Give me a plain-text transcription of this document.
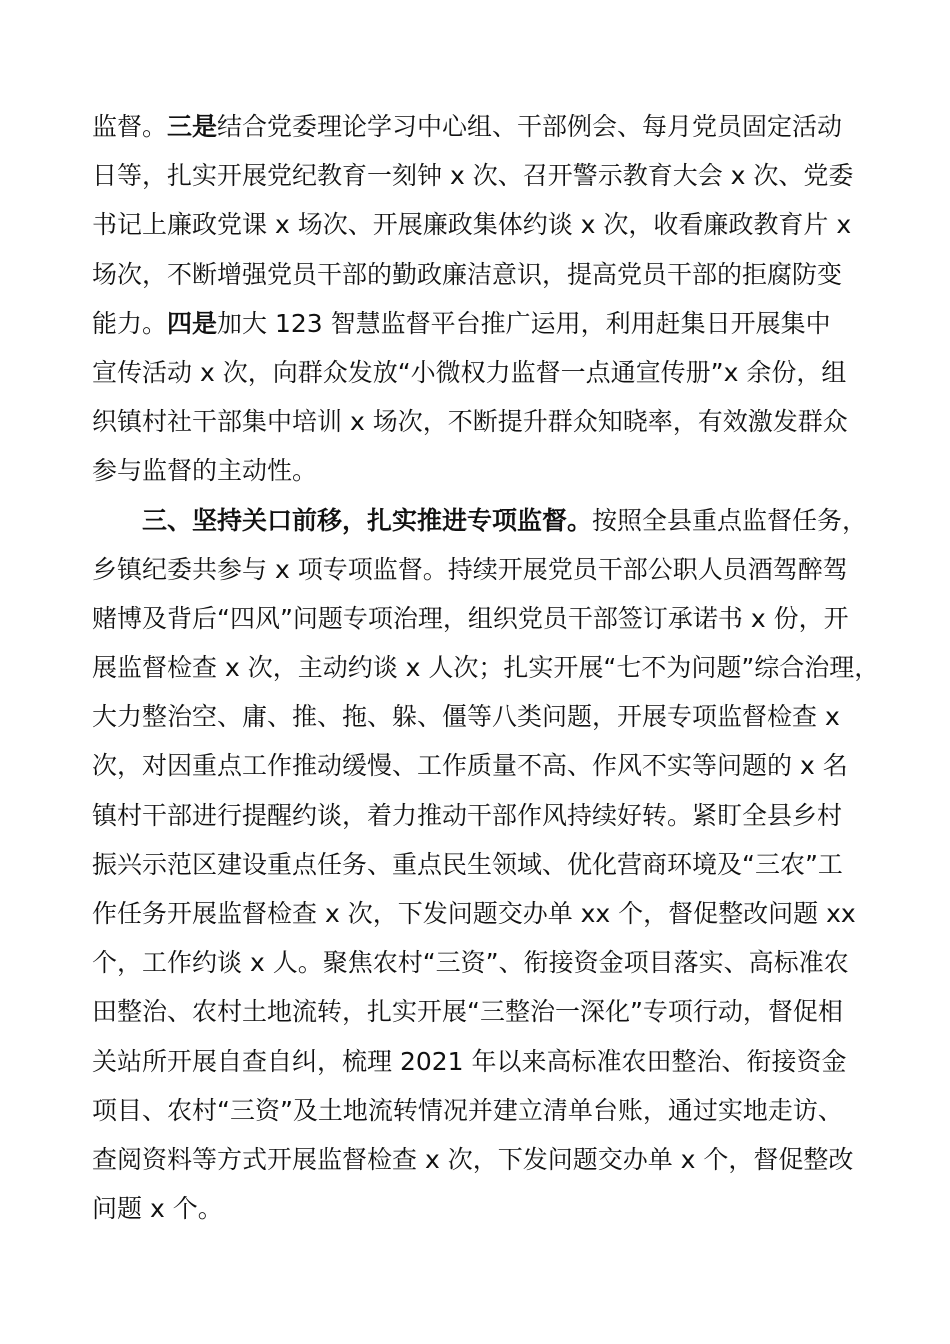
监督。三是结合党委理论学习中心组、干部例会、每月党员固定活动
日等，扎实开展党纪教育一刻钟 x 次、召开警示教育大会 x 次、党委
书记上廉政党课 x 场次、开展廉政集体约谈 x 次，收看廉政教育片 x
场次，不断增强党员干部的勤政廉洁意识，提高党员干部的拒腐防变
能力。四是加大 123 智慧监督平台推广运用，利用赶集日开展集中
宣传活动 x 次，向群众发放“小微权力监督一点通宣传册”x 余份，组
织镇村社干部集中培训 x 场次，不断提升群众知晓率，有效激发群众
参与监督的主动性。
三、坚持关口前移，扎实推进专项监督。按照全县重点监督任务，
乡镇纪委共参与 x 项专项监督。持续开展党员干部公职人员酒驾醉驾
赌博及背后“四风”问题专项治理，组织党员干部签订承诺书 x 份，开
展监督检查 x 次，主动约谈 x 人次；扎实开展“七不为问题”综合治理，
大力整治空、庸、推、拖、躲、僵等八类问题，开展专项监督检查 x
次，对因重点工作推动缓慢、工作质量不高、作风不实等问题的 x 名
镇村干部进行提醒约谈，着力推动干部作风持续好转。紧盯全县乡村
振兴示范区建设重点任务、重点民生领域、优化营商环境及“三农”工
作任务开展监督检查 x 次，下发问题交办单 xx 个，督促整改问题 xx
个，工作约谈 x 人。聚焦农村“三资”、衔接资金项目落实、高标准农
田整治、农村土地流转，扎实开展“三整治一深化”专项行动，督促相
关站所开展自查自纠，梳理 2021 年以来高标准农田整治、衔接资金
项目、农村“三资”及土地流转情况并建立清单台账，通过实地走访、
查阅资料等方式开展监督检查 x 次，下发问题交办单 x 个，督促整改
问题 x 个。
